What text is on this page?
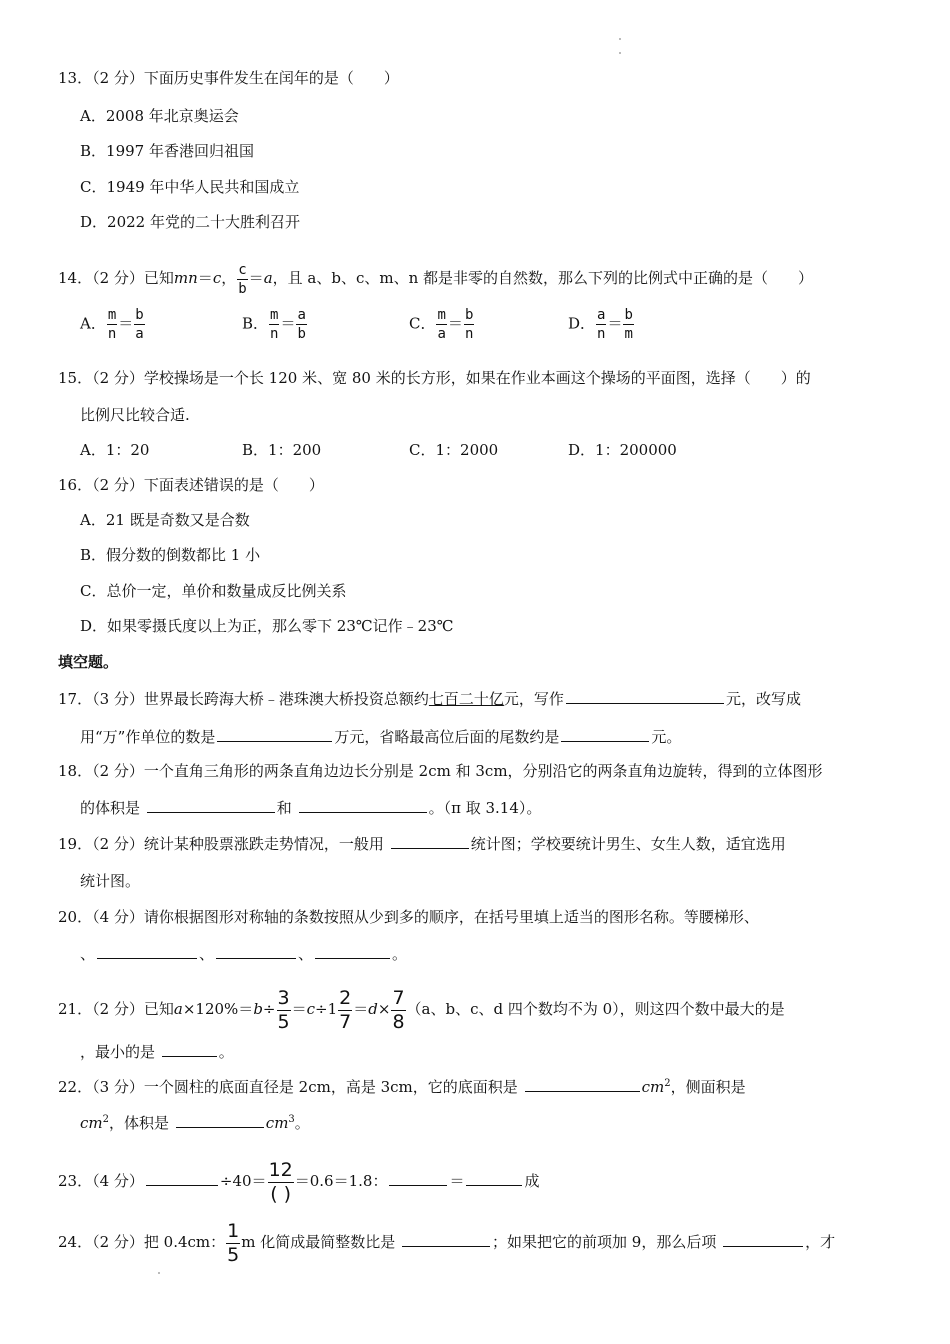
13．（2 分）下面历史事件发生在闰年的是（　　）
A．2008 年北京奥运会
B．1997 年香港回归祖国
C．1949 年中华人民共和国成立
D．2022 年党的二十大胜利召开
14．（2 分）已知mn＝c， $\frac{c}{b} =a$，且 a、b、c、m、n 都是非零的自然数，那么下列的比例式中正确的是（　　）
A． $\frac{m}{n} = \frac{b}{a}$	B． $\frac{m}{n} = \frac{a}{b}$	C． $\frac{m}{a} = \frac{b}{n}$	D． $\frac{a}{n} = \frac{b}{m}$
15．（2 分）学校操场是一个长 120 米、宽 80 米的长方形，如果在作业本画这个操场的平面图，选择（　　）的
比例尺比较合适.
A．1：20	B．1：200	C．1：2000	D．1：200000
16．（2 分）下面表述错误的是（　　）
A．21 既是奇数又是合数
B．假分数的倒数都比 1 小
C．总价一定，单价和数量成反比例关系
D．如果零摄氏度以上为正，那么零下 23℃记作﹣23℃
填空题。
17．（3 分）世界最长跨海大桥﹣港珠澳大桥投资总额约七百二十亿元，写作	元，改写成
用“万”作单位的数是	万元，省略最高位后面的尾数约是	元。
18．（2 分）一个直角三角形的两条直角边边长分别是 2cm 和 3cm，分别沿它的两条直角边旋转，得到的立体图形
的体积是	和	。（π 取 3.14）。
19．（2 分）统计某种股票涨跌走势情况，一般用	统计图；学校要统计男生、女生人数，适宜选用
统计图。
20．（4 分）请你根据图形对称轴的条数按照从少到多的顺序，在括号里填上适当的图形名称。等腰梯形、
、	、	、	。
21．（2 分）已知$a\times 120\%=b\div \frac{3}{5} =c\div 1 \frac{2}{7} =d\times \frac{7}{8} (a$、b、c、d 四个数均不为 0），则这四个数中最大的是
，最小的是	。
22．（3 分）一个圆柱的底面直径是 2cm，高是 3cm，它的底面积是	$cm^2$，侧面积是
$cm^2$，体积是	$cm^3$。
23．（4 分）	$\div 40= \frac{12}{( )} =0.6=1.8$：	＝	成
24．（2 分）把 0.4cm： $\frac{1}{5}$ m 化简成最简整数比是	；如果把它的前项加 9，那么后项	，才
